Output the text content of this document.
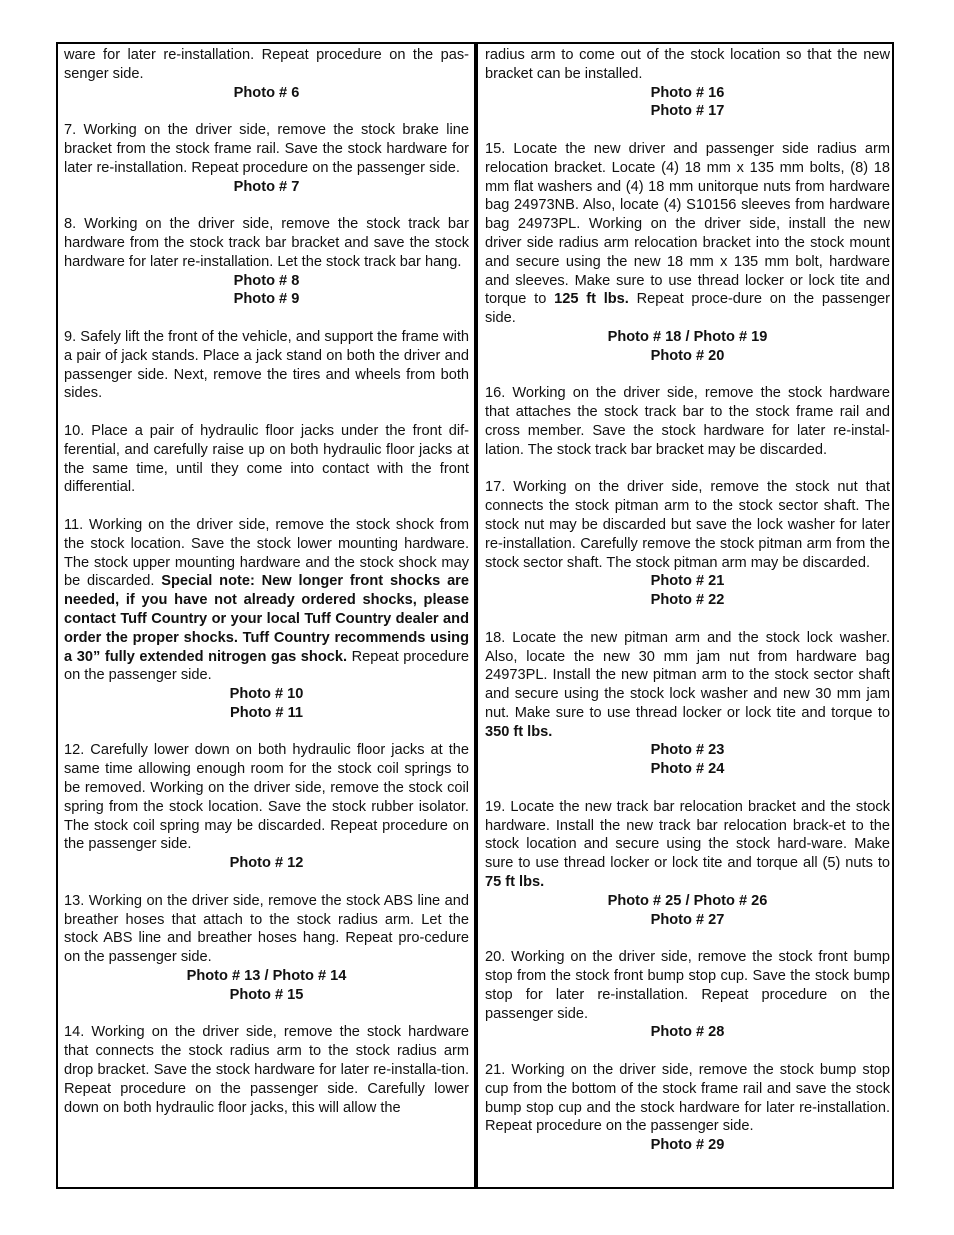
ware for later re-installation. Repeat procedure on the pas-senger side.

Photo # 6

7. Working on the driver side, remove the stock brake line bracket from the stock frame rail. Save the stock hardware for later re-installation. Repeat procedure on the passenger side.

Photo # 7

8. Working on the driver side, remove the stock track bar hardware from the stock track bar bracket and save the stock hardware for later re-installation. Let the stock track bar hang.

Photo # 8
Photo # 9

9. Safely lift the front of the vehicle, and support the frame with a pair of jack stands. Place a jack stand on both the driver and passenger side. Next, remove the tires and wheels from both sides.

10. Place a pair of hydraulic floor jacks under the front dif-ferential, and carefully raise up on both hydraulic floor jacks at the same time, until they come into contact with the front differential.

11. Working on the driver side, remove the stock shock from the stock location. Save the stock lower mounting hardware. The stock upper mounting hardware and the stock shock may be discarded. Special note: New longer front shocks are needed, if you have not already ordered shocks, please contact Tuff Country or your local Tuff Country dealer and order the proper shocks. Tuff Country recommends using a 30” fully extended nitrogen gas shock. Repeat procedure on the passenger side.

Photo # 10
Photo # 11

12. Carefully lower down on both hydraulic floor jacks at the same time allowing enough room for the stock coil springs to be removed. Working on the driver side, remove the stock coil spring from the stock location. Save the stock rubber isolator. The stock coil spring may be discarded. Repeat procedure on the passenger side.

Photo # 12

13. Working on the driver side, remove the stock ABS line and breather hoses that attach to the stock radius arm. Let the stock ABS line and breather hoses hang. Repeat pro-cedure on the passenger side.

Photo # 13 / Photo # 14
Photo # 15

14. Working on the driver side, remove the stock hardware that connects the stock radius arm to the stock radius arm drop bracket. Save the stock hardware for later re-installa-tion. Repeat procedure on the passenger side. Carefully lower down on both hydraulic floor jacks, this will allow the

radius arm to come out of the stock location so that the new bracket can be installed.

Photo # 16
Photo # 17

15. Locate the new driver and passenger side radius arm relocation bracket. Locate (4) 18 mm x 135 mm bolts, (8) 18 mm flat washers and (4) 18 mm unitorque nuts from hardware bag 24973NB. Also, locate (4) S10156 sleeves from hardware bag 24973PL. Working on the driver side, install the new driver side radius arm relocation bracket into the stock mount and secure using the new 18 mm x 135 mm bolt, hardware and sleeves. Make sure to use thread locker or lock tite and torque to 125 ft lbs. Repeat proce-dure on the passenger side.

Photo # 18 / Photo # 19
Photo # 20

16. Working on the driver side, remove the stock hardware that attaches the stock track bar to the stock frame rail and cross member. Save the stock hardware for later re-instal-lation. The stock track bar bracket may be discarded.

17. Working on the driver side, remove the stock nut that connects the stock pitman arm to the stock sector shaft. The stock nut may be discarded but save the lock washer for later re-installation. Carefully remove the stock pitman arm from the stock sector shaft. The stock pitman arm may be discarded.

Photo # 21
Photo # 22

18. Locate the new pitman arm and the stock lock washer. Also, locate the new 30 mm jam nut from hardware bag 24973PL. Install the new pitman arm to the stock sector shaft and secure using the stock lock washer and new 30 mm jam nut. Make sure to use thread locker or lock tite and torque to 350 ft lbs.

Photo # 23
Photo # 24

19. Locate the new track bar relocation bracket and the stock hardware. Install the new track bar relocation brack-et to the stock location and secure using the stock hard-ware. Make sure to use thread locker or lock tite and torque all (5) nuts to 75 ft lbs.

Photo # 25 / Photo # 26
Photo # 27

20. Working on the driver side, remove the stock front bump stop from the stock front bump stop cup. Save the stock bump stop for later re-installation. Repeat procedure on the passenger side.

Photo # 28

21. Working on the driver side, remove the stock bump stop cup from the bottom of the stock frame rail and save the stock bump stop cup and the stock hardware for later re-installation. Repeat procedure on the passenger side.

Photo # 29
